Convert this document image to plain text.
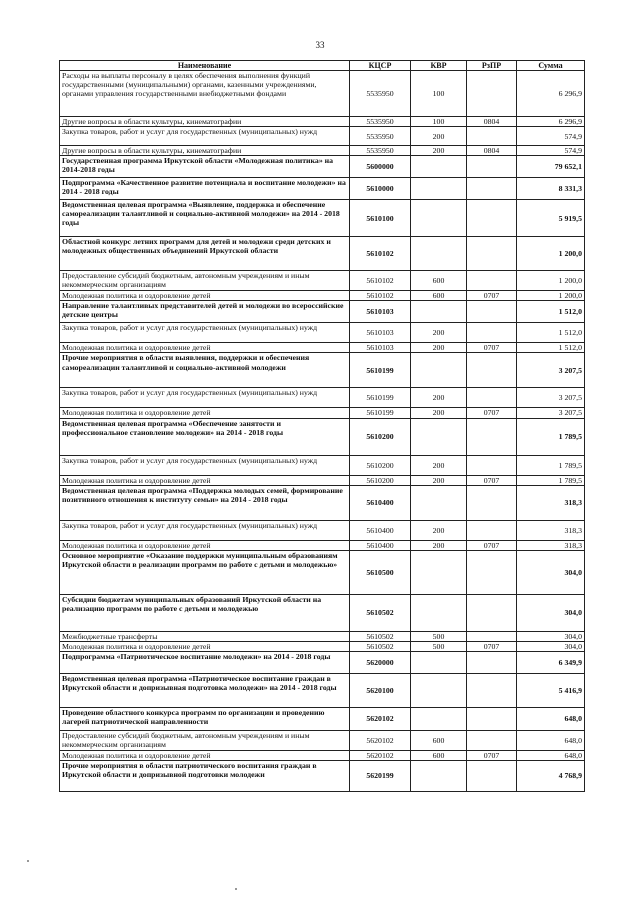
33
Наименование	КЦСР	КВР	РзПР	Сумма
Расходы на выплаты персоналу в целях обеспечения выполнения функций государственными (муниципальными) органами, казенными учреждениями, органами управления государственными внебюджетными фондами	5535950	100		6 296,9
Другие вопросы в области культуры, кинематографии	5535950	100	0804	6 296,9
Закупка товаров, работ и услуг для государственных (муниципальных) нужд	5535950	200		574,9
Другие вопросы в области культуры, кинематографии	5535950	200	0804	574,9
Государственная программа Иркутской области «Молодежная политика» на 2014-2018 годы	5600000			79 652,1
Подпрограмма «Качественное развитие потенциала и воспитание молодежи» на 2014 - 2018 годы	5610000			8 331,3
Ведомственная целевая программа «Выявление, поддержка и обеспечение самореализации талантливой и социально-активной молодежи» на 2014 - 2018 годы	5610100			5 919,5
Областной конкурс летних программ для детей и молодежи среди детских и молодежных общественных объединений Иркутской области	5610102			1 200,0
Предоставление субсидий бюджетным, автономным учреждениям и иным некоммерческим организациям	5610102	600		1 200,0
Молодежная политика и оздоровление детей	5610102	600	0707	1 200,0
Направление талантливых представителей детей и молодежи во всероссийские детские центры	5610103			1 512,0
Закупка товаров, работ и услуг для государственных (муниципальных) нужд	5610103	200		1 512,0
Молодежная политика и оздоровление детей	5610103	200	0707	1 512,0
Прочие мероприятия в области выявления, поддержки и обеспечения самореализации талантливой и социально-активной молодежи	5610199			3 207,5
Закупка товаров, работ и услуг для государственных (муниципальных) нужд	5610199	200		3 207,5
Молодежная политика и оздоровление детей	5610199	200	0707	3 207,5
Ведомственная целевая программа «Обеспечение занятости и профессиональное становление молодежи» на 2014 - 2018 годы	5610200			1 789,5
Закупка товаров, работ и услуг для государственных (муниципальных) нужд	5610200	200		1 789,5
Молодежная политика и оздоровление детей	5610200	200	0707	1 789,5
Ведомственная целевая программа «Поддержка молодых семей, формирование позитивного отношения к институту семьи» на 2014 - 2018 годы	5610400			318,3
Закупка товаров, работ и услуг для государственных (муниципальных) нужд	5610400	200		318,3
Молодежная политика и оздоровление детей	5610400	200	0707	318,3
Основное мероприятие «Оказание поддержки муниципальным образованиям Иркутской области в реализации программ по работе с детьми и молодежью»	5610500			304,0
Субсидии бюджетам муниципальных образований Иркутской области на реализацию программ по работе с детьми и молодежью	5610502			304,0
Межбюджетные трансферты	5610502	500		304,0
Молодежная политика и оздоровление детей	5610502	500	0707	304,0
Подпрограмма «Патриотическое воспитание молодежи» на 2014 - 2018 годы	5620000			6 349,9
Ведомственная целевая программа «Патриотическое воспитание граждан в Иркутской области и допризывная подготовка молодежи» на 2014 - 2018 годы	5620100			5 416,9
Проведение областного конкурса программ по организации и проведению лагерей патриотической направленности	5620102			648,0
Предоставление субсидий бюджетным, автономным учреждениям и иным некоммерческим организациям	5620102	600		648,0
Молодежная политика и оздоровление детей	5620102	600	0707	648,0
Прочие мероприятия в области патриотического воспитания граждан в Иркутской области и допризывной подготовки молодежи	5620199			4 768,9
